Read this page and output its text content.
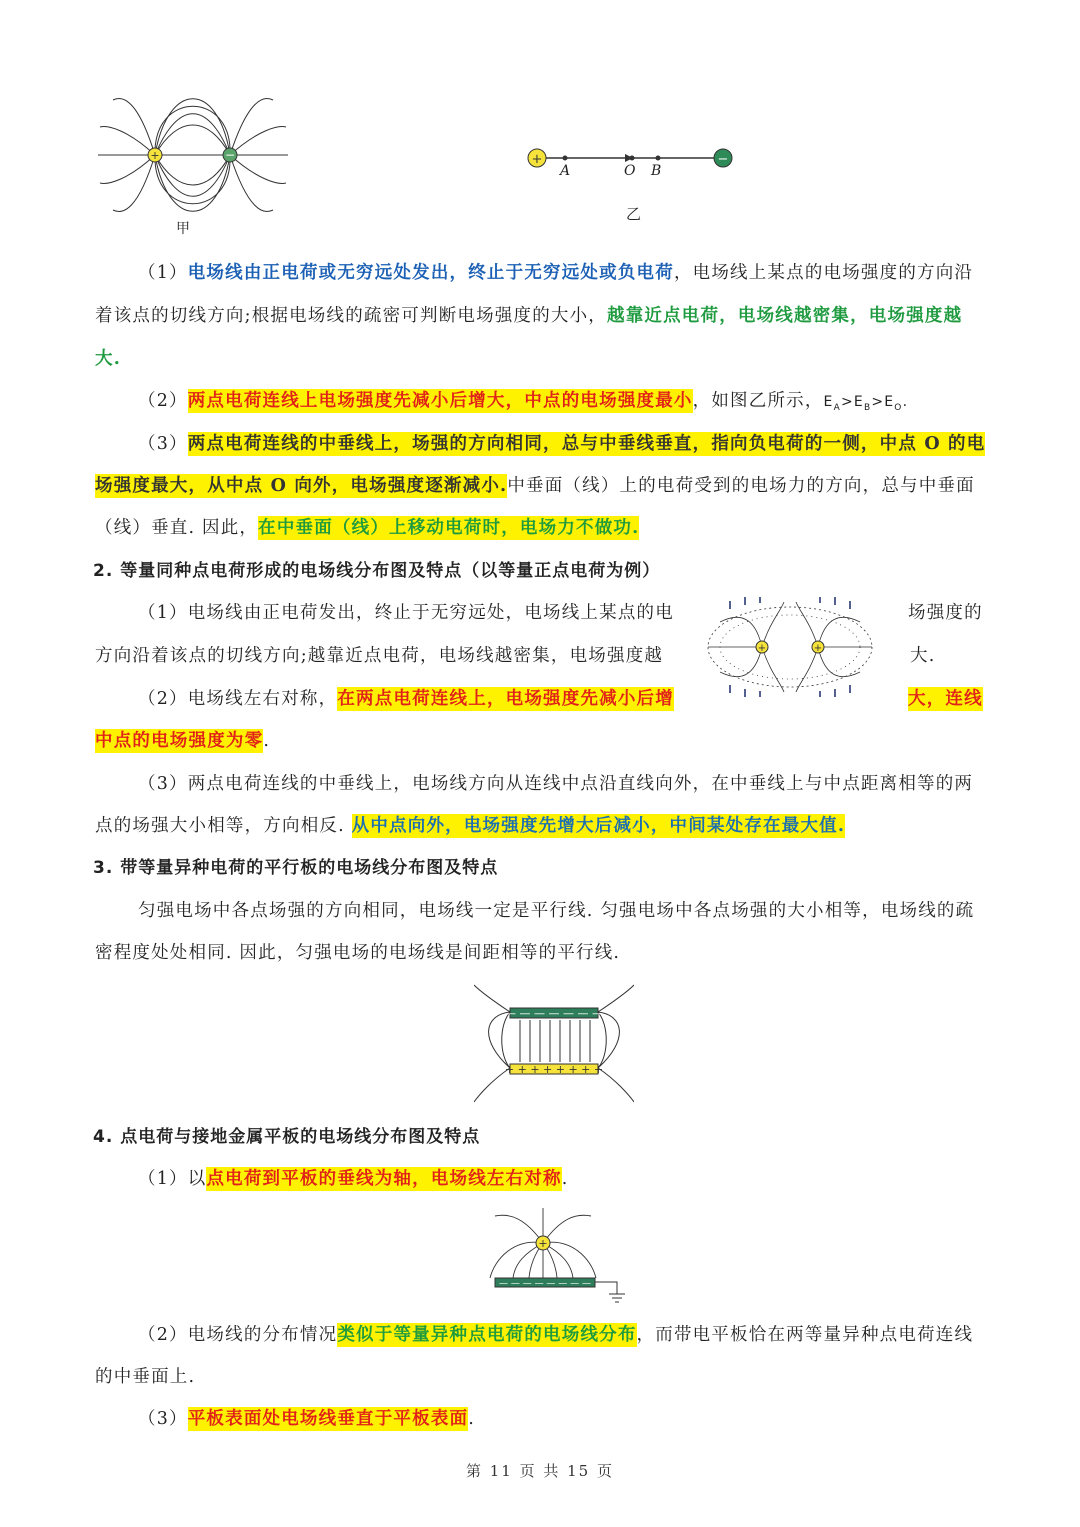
+	−
甲
+	−
A	O B
乙
（1）电场线由正电荷或无穷远处发出，终止于无穷远处或负电荷，电场线上某点的电场强度的方向沿
着该点的切线方向;根据电场线的疏密可判断电场强度的大小，越靠近点电荷，电场线越密集，电场强度越
大.
（2）两点电荷连线上电场强度先减小后增大，中点的电场强度最小，如图乙所示，$E_A>E_B>E_O$.
（3）两点电荷连线的中垂线上，场强的方向相同，总与中垂线垂直，指向负电荷的一侧，中点 O 的电
场强度最大，从中点 O 向外，电场强度逐渐减小.中垂面（线）上的电荷受到的电场力的方向，总与中垂面
（线）垂直. 因此，在中垂面（线）上移动电荷时，电场力不做功.
2. 等量同种点电荷形成的电场线分布图及特点（以等量正点电荷为例）
（1）电场线由正电荷发出，终止于无穷远处，电场线上某点的电	场强度的
方向沿着该点的切线方向;越靠近点电荷，电场线越密集，电场强度越	大.
（2）电场线左右对称，在两点电荷连线上，电场强度先减小后增	大，连线
中点的电场强度为零.
+	+
（3）两点电荷连线的中垂线上，电场线方向从连线中点沿直线向外，在中垂线上与中点距离相等的两
点的场强大小相等，方向相反. 从中点向外，电场强度先增大后减小，中间某处存在最大值.
3. 带等量异种电荷的平行板的电场线分布图及特点
匀强电场中各点场强的方向相同，电场线一定是平行线. 匀强电场中各点场强的大小相等，电场线的疏
密程度处处相同. 因此，匀强电场的电场线是间距相等的平行线.
— — — — — — —
+ + + + + + + +
4. 点电荷与接地金属平板的电场线分布图及特点
（1）以点电荷到平板的垂线为轴，电场线左右对称.
— — — — — — — —
+
（2）电场线的分布情况类似于等量异种点电荷的电场线分布，而带电平板恰在两等量异种点电荷连线
的中垂面上.
（3）平板表面处电场线垂直于平板表面.
第 11 页 共 15 页
